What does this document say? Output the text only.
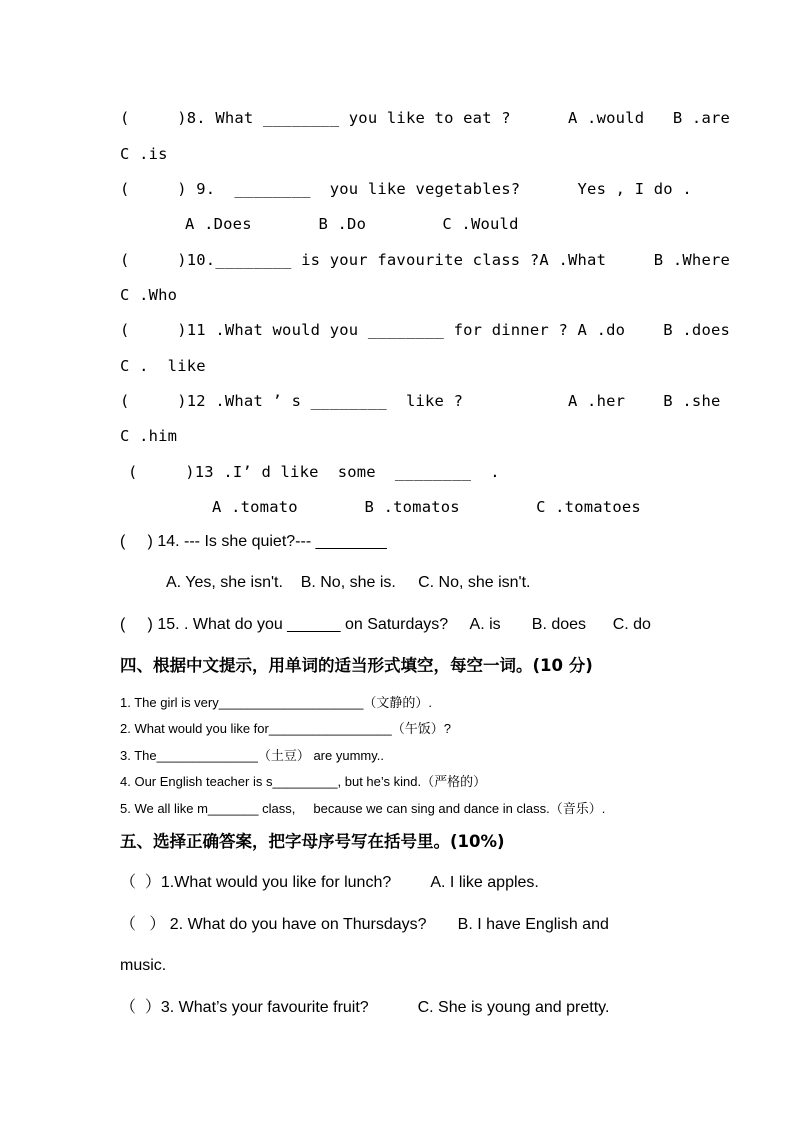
(     )8. What ________ you like to eat ?      A .would   B .are
C .is
(     ) 9.  ________  you like vegetables?      Yes , I do .
A .Does       B .Do        C .Would
(     )10.________ is your favourite class ?A .What     B .Where
C .Who
(     )11 .What would you ________ for dinner ? A .do    B .does
C .  like
(     )12 .What ’ s ________  like ?           A .her    B .she
C .him
(     )13 .I’ d like  some  ________  .
A .tomato       B .tomatos        C .tomatoes
(     ) 14. --- Is she quiet?--- ________
A. Yes, she isn't.    B. No, she is.     C. No, she isn't.
(     ) 15. . What do you ______ on Saturdays?     A. is       B. does      C. do
四、根据中文提示，用单词的适当形式填空，每空一词。(10 分)
1. The girl is very____________________（文静的）.
2. What would you like for_________________（午饭）?
3. The______________（土豆） are yummy..
4. Our English teacher is s_________, but he’s kind.（严格的）
5. We all like m_______ class,     because we can sing and dance in class.（音乐）.
五、选择正确答案，把字母序号写在括号里。(10%)
（  ）1.What would you like for lunch?         A. I like apples.
（   ） 2. What do you have on Thursdays?       B. I have English and
music.
（  ）3. What’s your favourite fruit?           C. She is young and pretty.
